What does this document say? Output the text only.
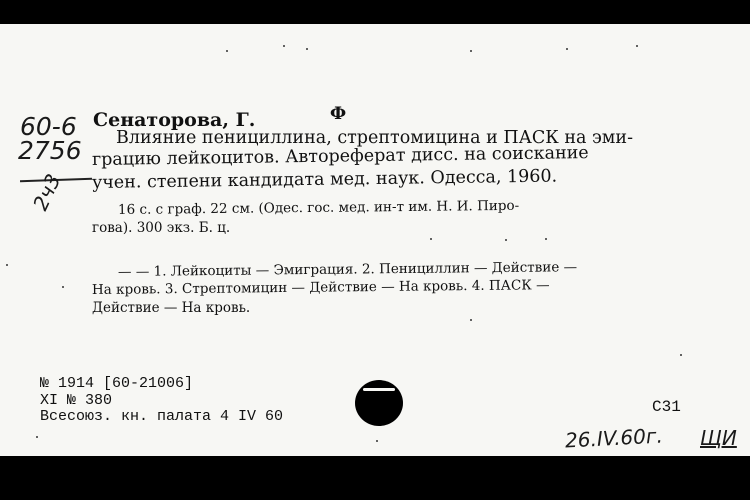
60-6
2756
2ч3
Ф
Сенаторова, Г.
Влияние пенициллина, стрептомицина и ПАСК на эми-
грацию лейкоцитов. Автореферат дисс. на соискание
учен. степени кандидата мед. наук. Одесса, 1960.
16 с. с граф. 22 см. (Одес. гос. мед. ин-т им. Н. И. Пиро-
гова). 300 экз. Б. ц.
— — 1. Лейкоциты — Эмиграция. 2. Пенициллин — Действие —
На кровь. 3. Стрептомицин — Действие — На кровь. 4. ПАСК —
Действие — На кровь.
№ 1914 [60-21006]
XI № 380
Всесоюз. кн. палата 4 IV 60
C31
26.IV.60г. ЩИ
